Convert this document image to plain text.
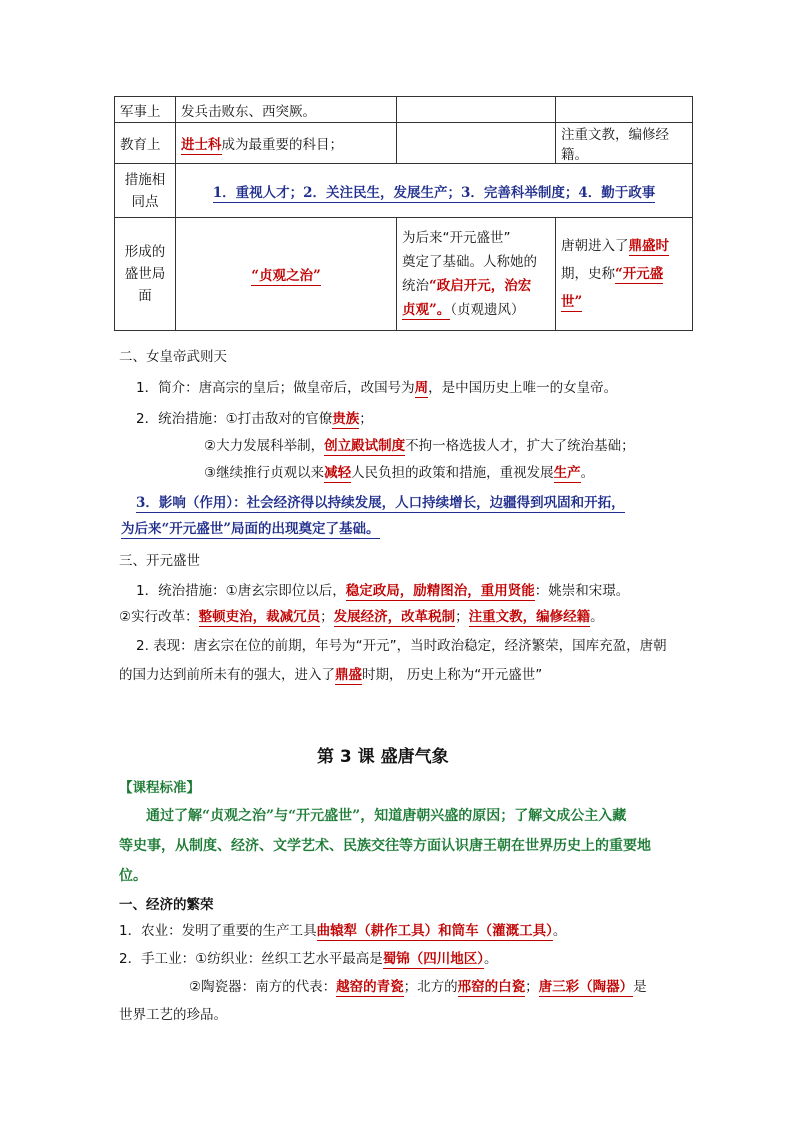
军事上	发兵击败东、西突厥。		
教育上	进士科成为最重要的科目；		注重文教，编修经籍。
措施相
同点	1．重视人才；2．关注民生，发展生产；3．完善科举制度；4．勤于政事		
形成的
盛世局
面	“贞观之治”	为后来“开元盛世”
奠定了基础。人称她的
统治“政启开元，治宏
贞观”。（贞观遗风）	唐朝进入了鼎盛时
期，史称“开元盛
世”
二、女皇帝武则天
1．简介：唐高宗的皇后；做皇帝后，改国号为周，是中国历史上唯一的女皇帝。
2．统治措施：①打击敌对的官僚贵族；
②大力发展科举制，创立殿试制度不拘一格选拔人才，扩大了统治基础；
③继续推行贞观以来减轻人民负担的政策和措施，重视发展生产。
3．影响（作用）：社会经济得以持续发展，人口持续增长，边疆得到巩固和开拓，
为后来“开元盛世”局面的出现奠定了基础。
三、开元盛世
1．统治措施：①唐玄宗即位以后，稳定政局，励精图治，重用贤能：姚崇和宋璟。
②实行改革：整顿吏治，裁减冗员；发展经济，改革税制；注重文教，编修经籍。
2. 表现：唐玄宗在位的前期，年号为“开元”，当时政治稳定，经济繁荣，国库充盈，唐朝
的国力达到前所未有的强大，进入了鼎盛时期， 历史上称为“开元盛世”
第 3 课 盛唐气象
【课程标准】
通过了解“贞观之治”与“开元盛世”，知道唐朝兴盛的原因；了解文成公主入藏
等史事，从制度、经济、文学艺术、民族交往等方面认识唐王朝在世界历史上的重要地
位。
一、经济的繁荣
1．农业：发明了重要的生产工具曲辕犁（耕作工具）和筒车（灌溉工具）。
2．手工业：①纺织业：丝织工艺水平最高是蜀锦（四川地区）。
②陶瓷器：南方的代表：越窑的青瓷；北方的邢窑的白瓷；唐三彩（陶器）是
世界工艺的珍品。
